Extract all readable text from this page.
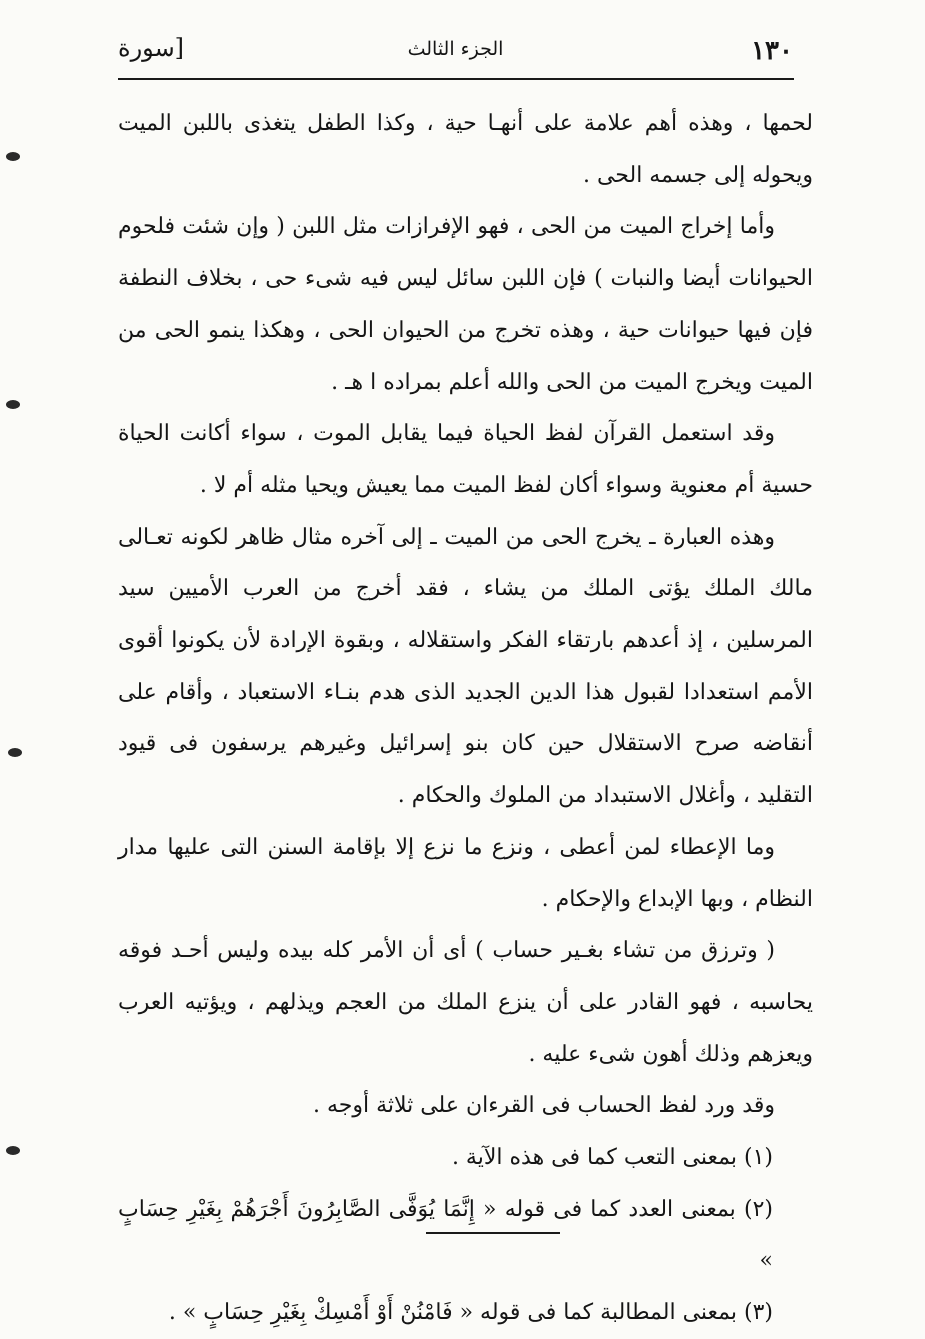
١٣٠
الجزء الثالث
[سورة

لحمها ، وهذه أهم علامة على أنهـا حية ، وكذا الطفل يتغذى باللبن الميت ويحوله إلى جسمه الحى .

وأما إخراج الميت من الحى ، فهو الإفرازات مثل اللبن ( وإن شئت فلحوم الحيوانات أيضا والنبات ) فإن اللبن سائل ليس فيه شىء حى ، بخلاف النطفة فإن فيها حيوانات حية ، وهذه تخرج من الحيوان الحى ، وهكذا ينمو الحى من الميت ويخرج الميت من الحى والله أعلم بمراده ا هـ .

وقد استعمل القرآن لفظ الحياة فيما يقابل الموت ، سواء أكانت الحياة حسية أم معنوية وسواء أكان لفظ الميت مما يعيش ويحيا مثله أم لا .

وهذه العبارة ـ يخرج الحى من الميت ـ إلى آخره مثال ظاهر لكونه تعـالى مالك الملك يؤتى الملك من يشاء ، فقد أخرج من العرب الأميين سيد المرسلين ، إذ أعدهم بارتقاء الفكر واستقلاله ، وبقوة الإرادة لأن يكونوا أقوى الأمم استعدادا لقبول هذا الدين الجديد الذى هدم بنـاء الاستعباد ، وأقام على أنقاضه صرح الاستقلال حين كان بنو إسرائيل وغيرهم يرسفون فى قيود التقليد ، وأغلال الاستبداد من الملوك والحكام .

وما الإعطاء لمن أعطى ، ونزع ما نزع إلا بإقامة السنن التى عليها مدار النظام ، وبها الإبداع والإحكام .

( وترزق من تشاء بغـير حساب ) أى أن الأمر كله بيده وليس أحـد فوقه يحاسبه ، فهو القادر على أن ينزع الملك من العجم ويذلهم ، ويؤتيه العرب ويعزهم وذلك أهون شىء عليه .

وقد ورد لفظ الحساب فى القرءان على ثلاثة أوجه .

(١) بمعنى التعب كما فى هذه الآية .
(٢) بمعنى العدد كما فى قوله « إِنَّمَا يُوَفَّى الصَّابِرُونَ أَجْرَهُمْ بِغَيْرِ حِسَابٍ »
(٣) بمعنى المطالبة كما فى قوله « فَامْنُنْ أَوْ أَمْسِكْ بِغَيْرِ حِسَابٍ » .
